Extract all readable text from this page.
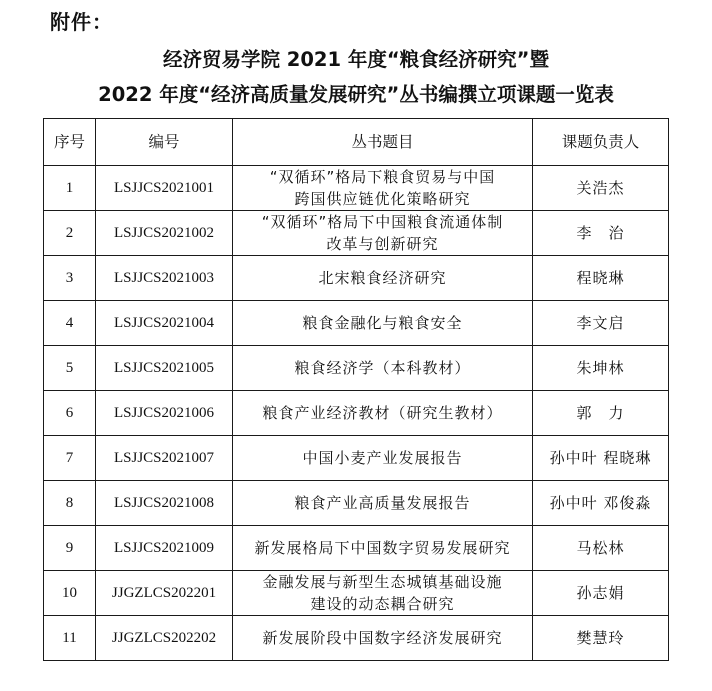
附件：
经济贸易学院 2021 年度“粮食经济研究”暨
2022 年度“经济高质量发展研究”丛书编撰立项课题一览表
序号	编号	丛书题目	课题负责人
1	LSJJCS2021001	“双循环”格局下粮食贸易与中国
跨国供应链优化策略研究	关浩杰
2	LSJJCS2021002	“双循环”格局下中国粮食流通体制
改革与创新研究	李　治
3	LSJJCS2021003	北宋粮食经济研究	程晓琳
4	LSJJCS2021004	粮食金融化与粮食安全	李文启
5	LSJJCS2021005	粮食经济学（本科教材）	朱坤林
6	LSJJCS2021006	粮食产业经济教材（研究生教材）	郭　力
7	LSJJCS2021007	中国小麦产业发展报告	孙中叶 程晓琳
8	LSJJCS2021008	粮食产业高质量发展报告	孙中叶 邓俊淼
9	LSJJCS2021009	新发展格局下中国数字贸易发展研究	马松林
10	JJGZLCS202201	金融发展与新型生态城镇基础设施
建设的动态耦合研究	孙志娟
11	JJGZLCS202202	新发展阶段中国数字经济发展研究	樊慧玲
